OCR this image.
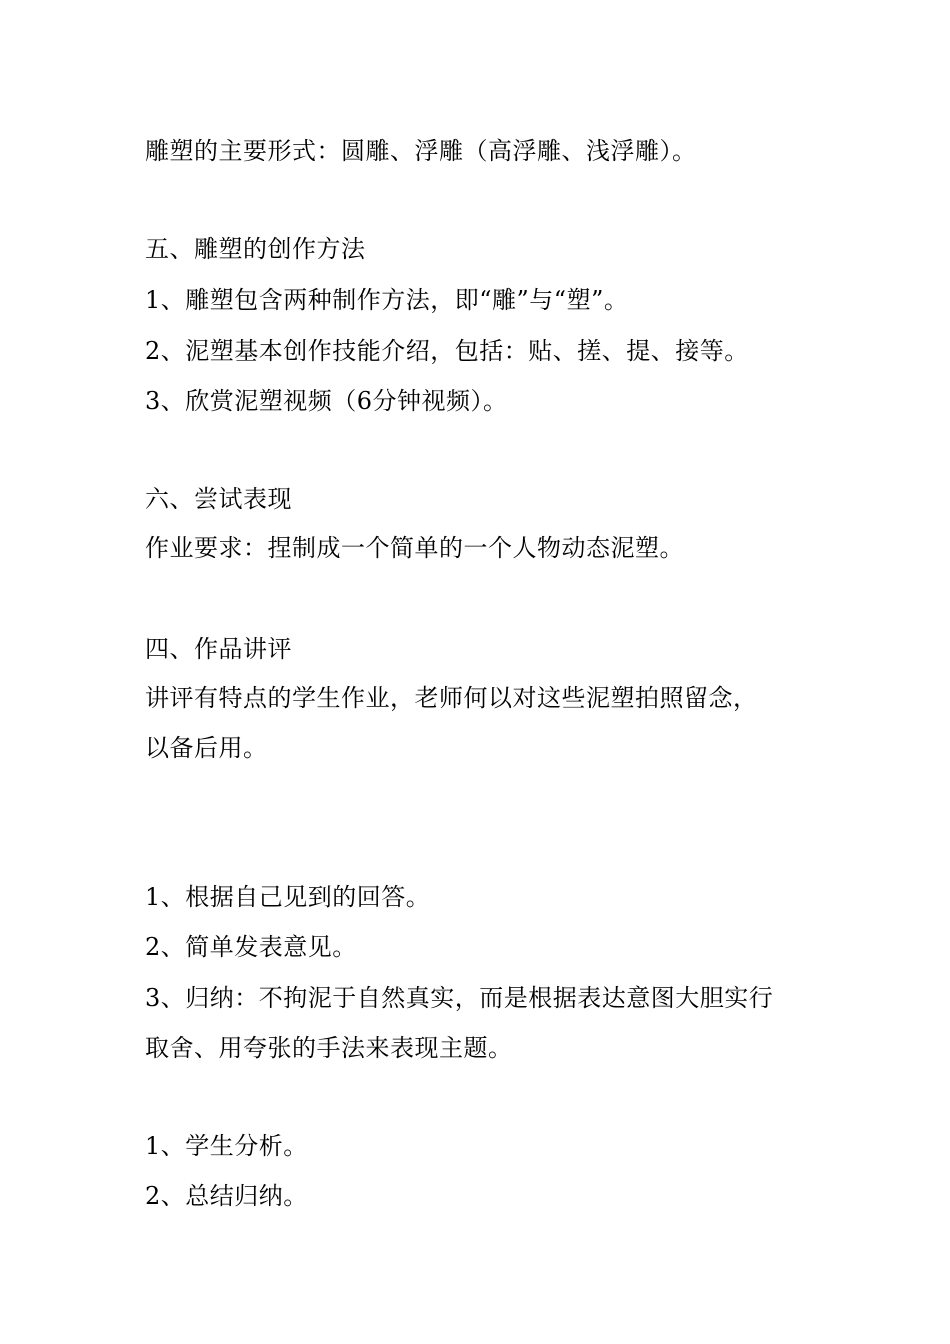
雕塑的主要形式：圆雕、浮雕（高浮雕、浅浮雕）。
五、雕塑的创作方法
1、雕塑包含两种制作方法，即“雕”与“塑”。
2、泥塑基本创作技能介绍，包括：贴、搓、提、接等。
3、欣赏泥塑视频（6分钟视频）。
六、尝试表现
作业要求：捏制成一个简单的一个人物动态泥塑。
四、作品讲评
讲评有特点的学生作业，老师何以对这些泥塑拍照留念，
以备后用。
1、根据自己见到的回答。
2、简单发表意见。
3、归纳：不拘泥于自然真实，而是根据表达意图大胆实行
取舍、用夸张的手法来表现主题。
1、学生分析。
2、总结归纳。
